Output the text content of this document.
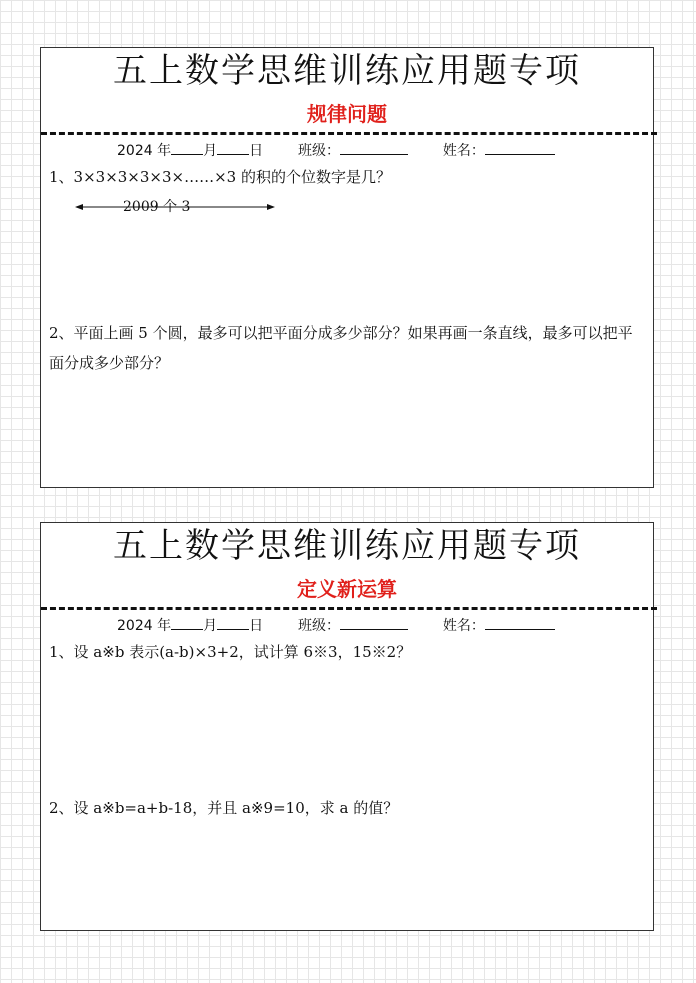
五上数学思维训练应用题专项
规律问题
2024 年 月 日 班级：	姓名：
1、3×3×3×3×3×……×3 的积的个位数字是几？
2009 个 3
2、平面上画 5 个圆，最多可以把平面分成多少部分？如果再画一条直线，最多可以把平面分成多少部分？
五上数学思维训练应用题专项
定义新运算
2024 年 月 日 班级：	姓名：
1、设 a※b 表示(a-b)×3+2，试计算 6※3，15※2？
2、设 a※b=a+b-18，并且 a※9=10，求 a 的值？
